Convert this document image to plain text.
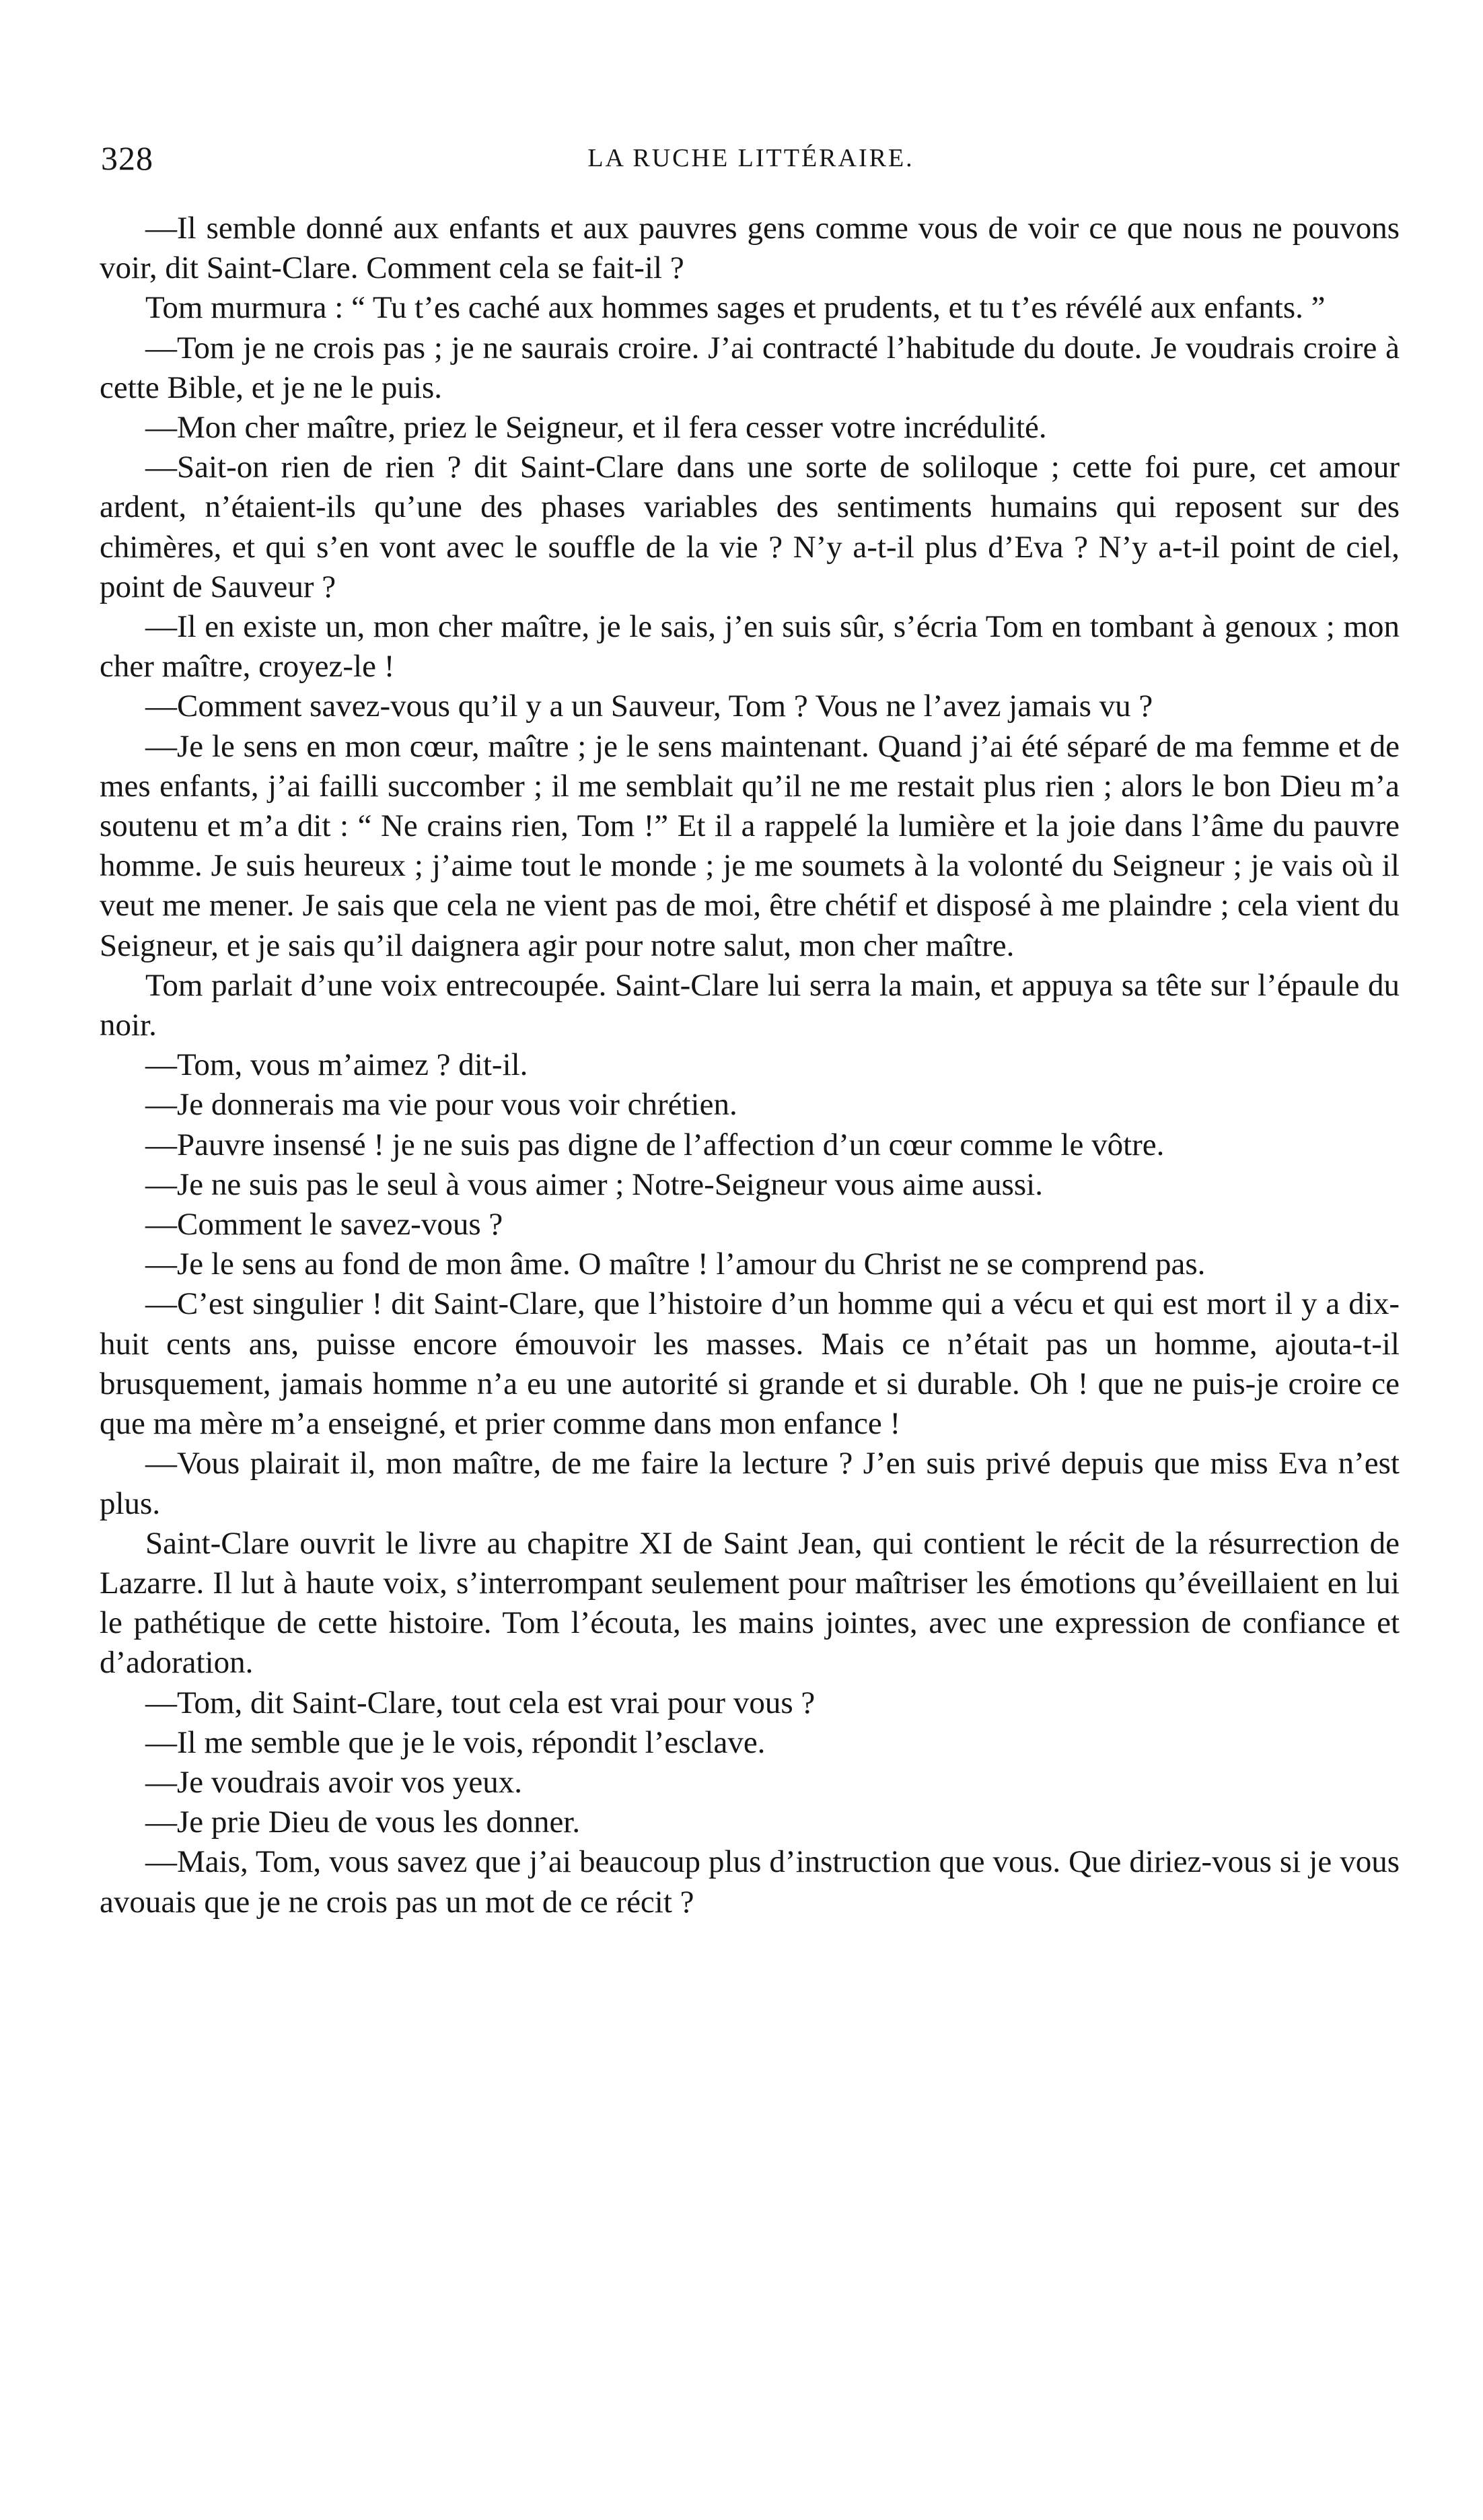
328	LA RUCHE LITTÉRAIRE.

—Il semble donné aux enfants et aux pauvres gens comme vous de voir ce que nous ne pouvons voir, dit Saint-Clare. Comment cela se fait-il ?

Tom murmura : “ Tu t’es caché aux hommes sages et prudents, et tu t’es révélé aux enfants. ”

—Tom je ne crois pas ; je ne saurais croire. J’ai contracté l’habitude du doute. Je voudrais croire à cette Bible, et je ne le puis.

—Mon cher maître, priez le Seigneur, et il fera cesser votre incrédulité.

—Sait-on rien de rien ? dit Saint-Clare dans une sorte de soliloque ; cette foi pure, cet amour ardent, n’étaient-ils qu’une des phases variables des sentiments humains qui reposent sur des chimères, et qui s’en vont avec le souffle de la vie ? N’y a-t-il plus d’Eva ? N’y a-t-il point de ciel, point de Sauveur ?

—Il en existe un, mon cher maître, je le sais, j’en suis sûr, s’écria Tom en tombant à genoux ; mon cher maître, croyez-le !

—Comment savez-vous qu’il y a un Sauveur, Tom ? Vous ne l’avez jamais vu ?

—Je le sens en mon cœur, maître ; je le sens maintenant. Quand j’ai été séparé de ma femme et de mes enfants, j’ai failli succomber ; il me semblait qu’il ne me restait plus rien ; alors le bon Dieu m’a soutenu et m’a dit : “ Ne crains rien, Tom !” Et il a rappelé la lumière et la joie dans l’âme du pauvre homme. Je suis heureux ; j’aime tout le monde ; je me soumets à la volonté du Seigneur ; je vais où il veut me mener. Je sais que cela ne vient pas de moi, être chétif et disposé à me plaindre ; cela vient du Seigneur, et je sais qu’il daignera agir pour notre salut, mon cher maître.

Tom parlait d’une voix entrecoupée. Saint-Clare lui serra la main, et appuya sa tête sur l’épaule du noir.

—Tom, vous m’aimez ? dit-il.

—Je donnerais ma vie pour vous voir chrétien.

—Pauvre insensé ! je ne suis pas digne de l’affection d’un cœur comme le vôtre.

—Je ne suis pas le seul à vous aimer ; Notre-Seigneur vous aime aussi.

—Comment le savez-vous ?

—Je le sens au fond de mon âme. O maître ! l’amour du Christ ne se comprend pas.

—C’est singulier ! dit Saint-Clare, que l’histoire d’un homme qui a vécu et qui est mort il y a dix-huit cents ans, puisse encore émouvoir les masses. Mais ce n’était pas un homme, ajouta-t-il brusquement, jamais homme n’a eu une autorité si grande et si durable. Oh ! que ne puis-je croire ce que ma mère m’a enseigné, et prier comme dans mon enfance !

—Vous plairait il, mon maître, de me faire la lecture ? J’en suis privé depuis que miss Eva n’est plus.

Saint-Clare ouvrit le livre au chapitre XI de Saint Jean, qui contient le récit de la résurrection de Lazarre. Il lut à haute voix, s’interrompant seulement pour maîtriser les émotions qu’éveillaient en lui le pathétique de cette histoire. Tom l’écouta, les mains jointes, avec une expression de confiance et d’adoration.

—Tom, dit Saint-Clare, tout cela est vrai pour vous ?

—Il me semble que je le vois, répondit l’esclave.

—Je voudrais avoir vos yeux.

—Je prie Dieu de vous les donner.

—Mais, Tom, vous savez que j’ai beaucoup plus d’instruction que vous. Que diriez-vous si je vous avouais que je ne crois pas un mot de ce récit ?
